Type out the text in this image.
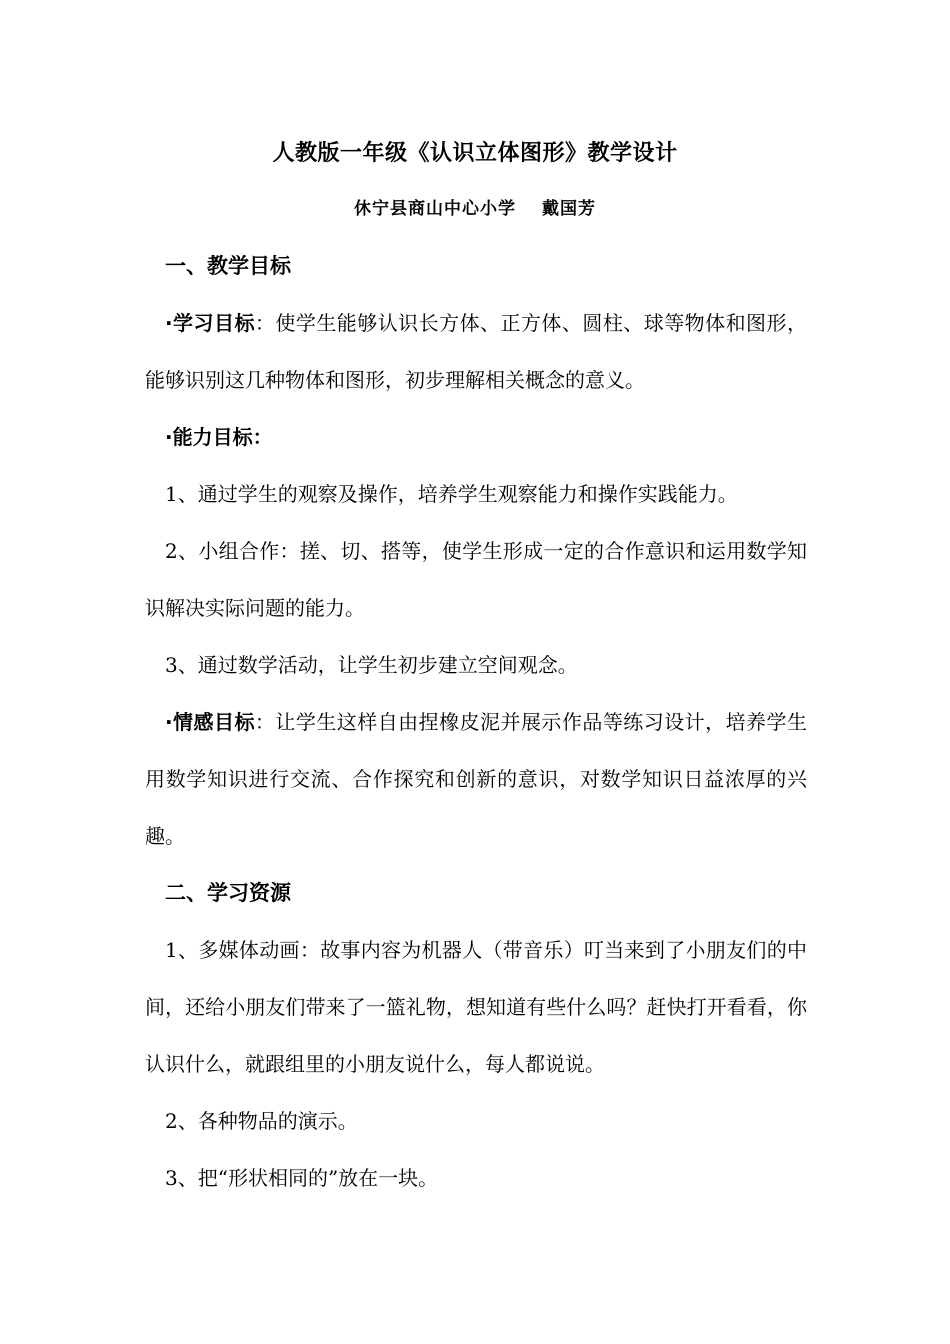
人教版一年级《认识立体图形》教学设计
休宁县商山中心小学 戴国芳

一、教学目标

·学习目标：使学生能够认识长方体、正方体、圆柱、球等物体和图形，能够识别这几种物体和图形，初步理解相关概念的意义。

·能力目标：

1、通过学生的观察及操作，培养学生观察能力和操作实践能力。

2、小组合作：搓、切、搭等，使学生形成一定的合作意识和运用数学知识解决实际问题的能力。

3、通过数学活动，让学生初步建立空间观念。

·情感目标：让学生这样自由捏橡皮泥并展示作品等练习设计，培养学生用数学知识进行交流、合作探究和创新的意识，对数学知识日益浓厚的兴趣。

二、学习资源

1、多媒体动画：故事内容为机器人（带音乐）叮当来到了小朋友们的中间，还给小朋友们带来了一篮礼物，想知道有些什么吗？赶快打开看看，你认识什么，就跟组里的小朋友说什么，每人都说说。

2、各种物品的演示。

3、把“形状相同的”放在一块。
